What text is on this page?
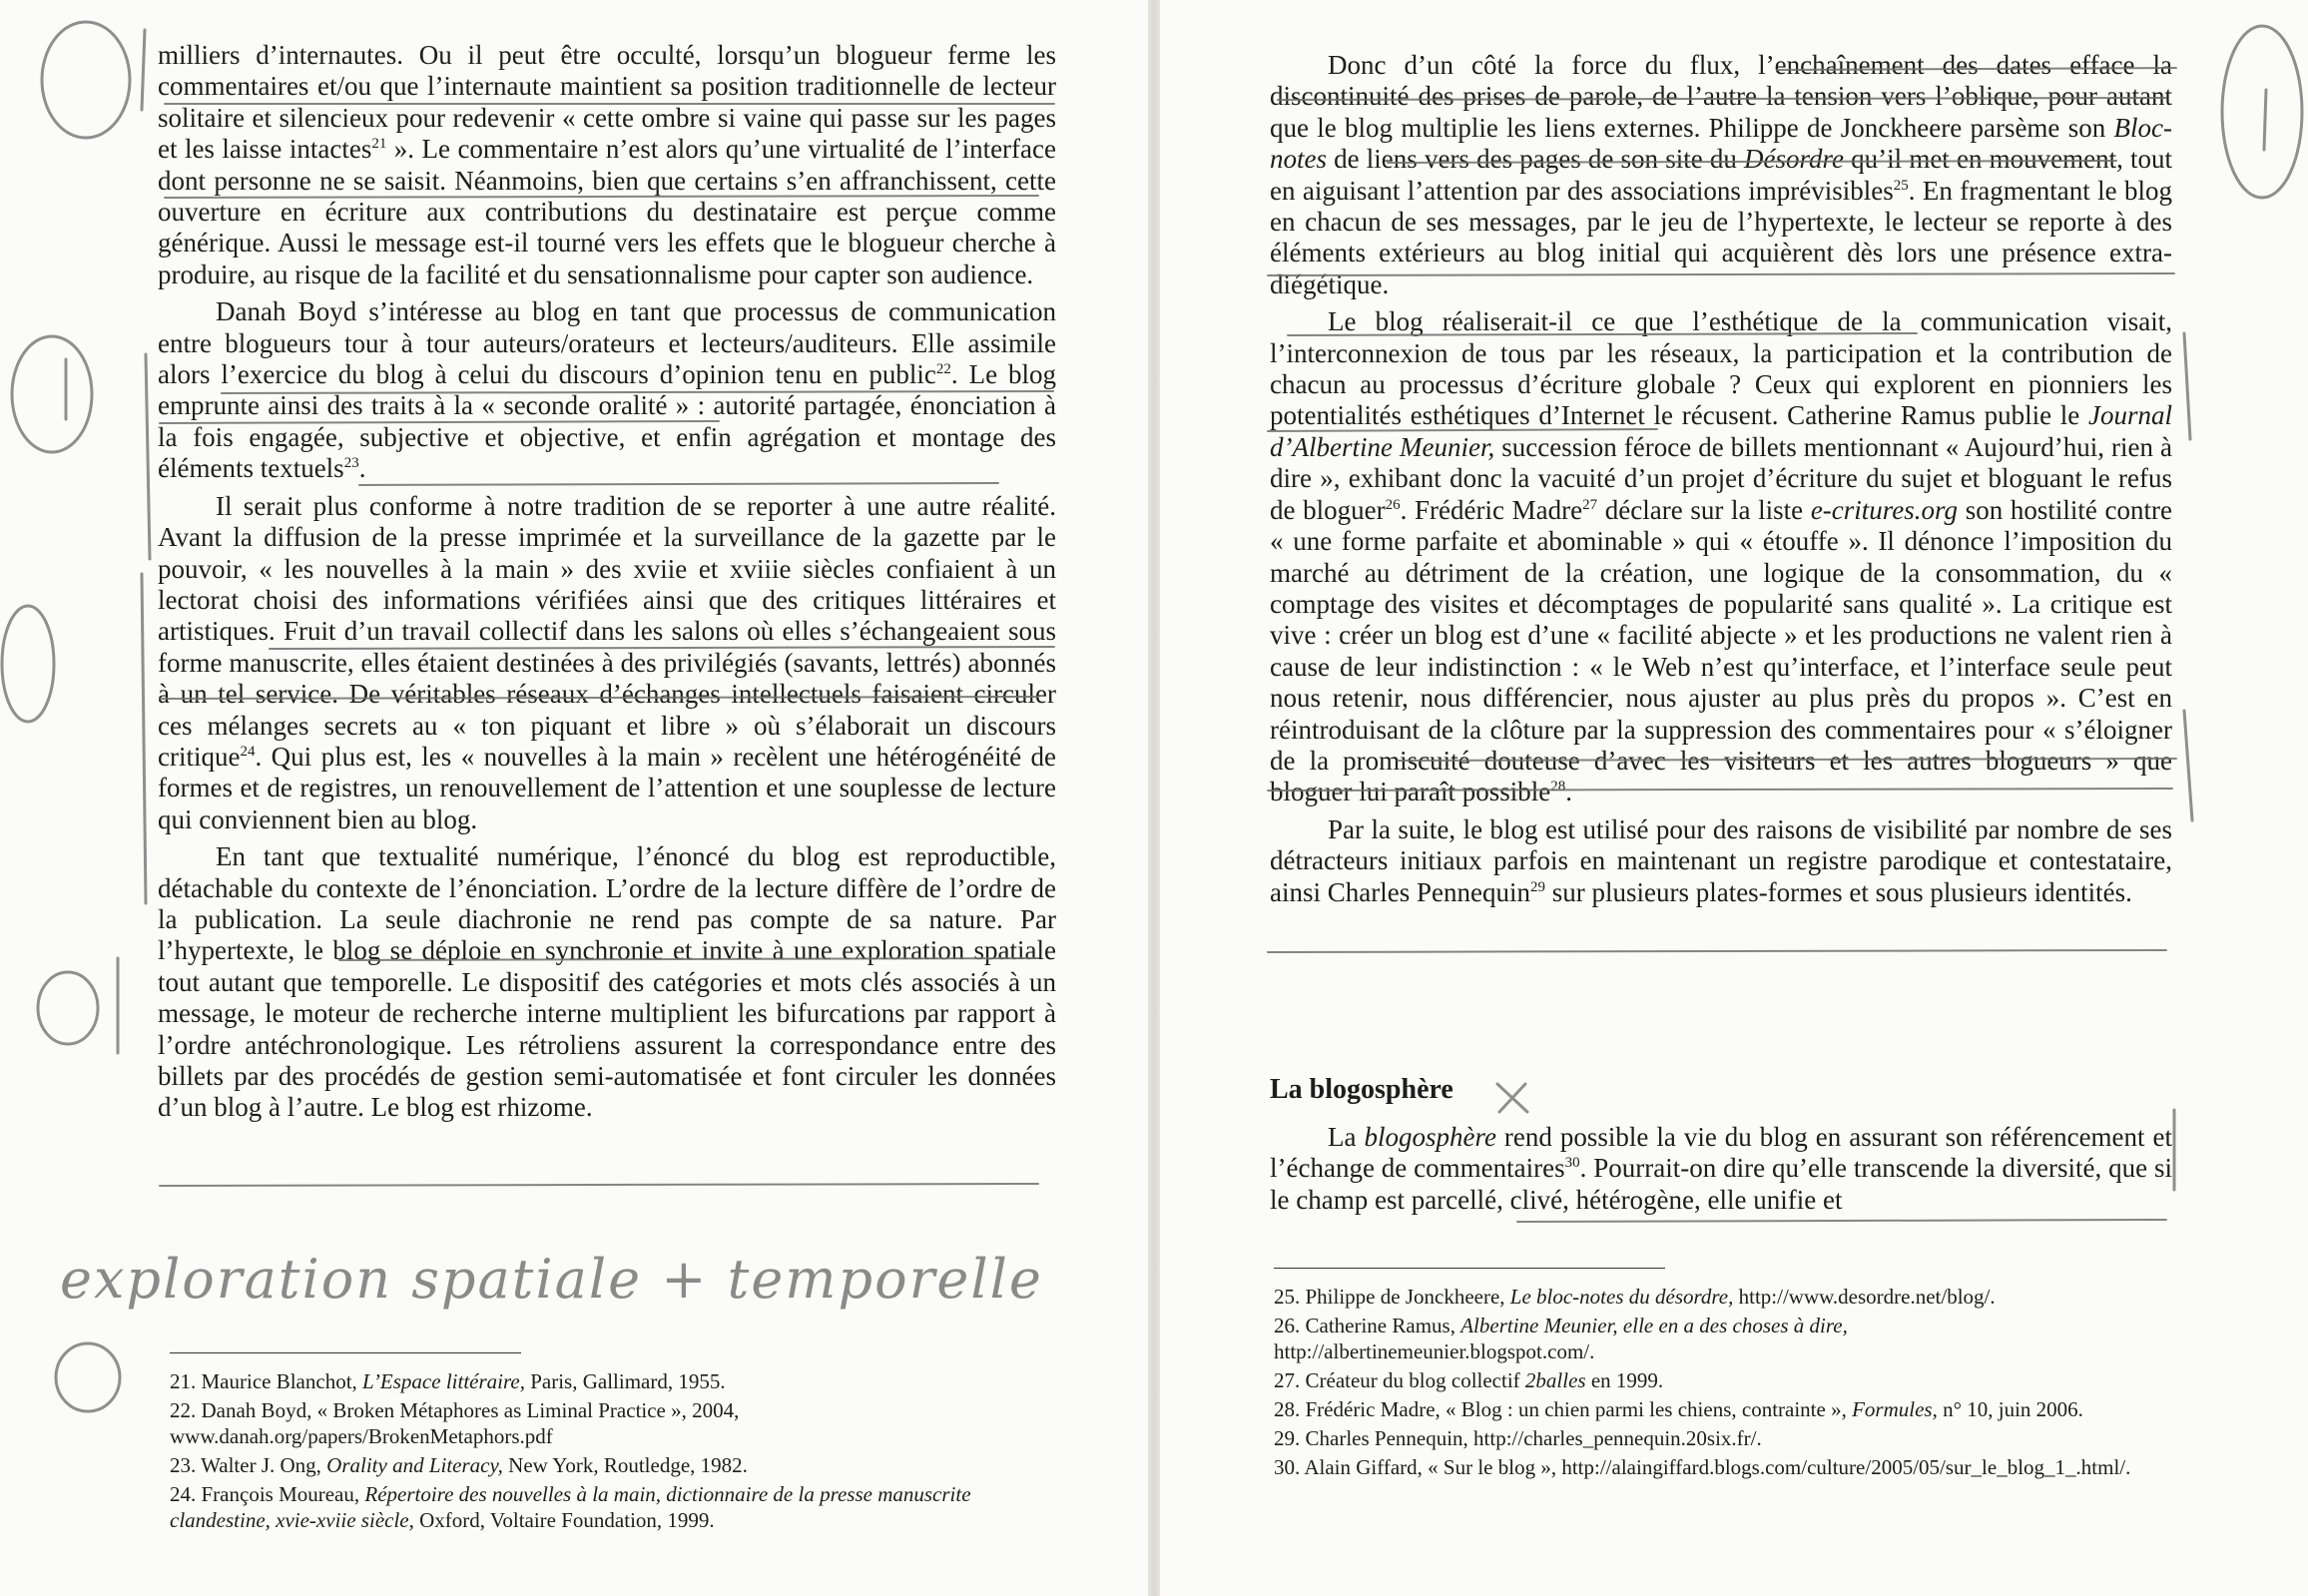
milliers d’internautes. Ou il peut être occulté, lorsqu’un blogueur ferme les commentaires et/ou que l’internaute maintient sa position traditionnelle de lecteur solitaire et silencieux pour redevenir « cette ombre si vaine qui passe sur les pages et les laisse intactes$^{21}$ ». Le commentaire n’est alors qu’une virtualité de l’interface dont personne ne se saisit. Néanmoins, bien que certains s’en affranchissent, cette ouverture en écriture aux contributions du destinataire est perçue comme générique. Aussi le message est-il tourné vers les effets que le blogueur cherche à produire, au risque de la facilité et du sensationnalisme pour capter son audience.

Danah Boyd s’intéresse au blog en tant que processus de communication entre blogueurs tour à tour auteurs/orateurs et lecteurs/auditeurs. Elle assimile alors l’exercice du blog à celui du discours d’opinion tenu en public$^{22}$. Le blog emprunte ainsi des traits à la « seconde oralité » : autorité partagée, énonciation à la fois engagée, subjective et objective, et enfin agrégation et montage des éléments textuels$^{23}$.

Il serait plus conforme à notre tradition de se reporter à une autre réalité. Avant la diffusion de la presse imprimée et la surveillance de la gazette par le pouvoir, « les nouvelles à la main » des xviie et xviiie siècles confiaient à un lectorat choisi des informations vérifiées ainsi que des critiques littéraires et artistiques. Fruit d’un travail collectif dans les salons où elles s’échangeaient sous forme manuscrite, elles étaient destinées à des privilégiés (savants, lettrés) abonnés à un tel service. De véritables réseaux d’échanges intellectuels faisaient circuler ces mélanges secrets au « ton piquant et libre » où s’élaborait un discours critique$^{24}$. Qui plus est, les « nouvelles à la main » recèlent une hétérogénéité de formes et de registres, un renouvellement de l’attention et une souplesse de lecture qui conviennent bien au blog.

En tant que textualité numérique, l’énoncé du blog est reproductible, détachable du contexte de l’énonciation. L’ordre de la lecture diffère de l’ordre de la publication. La seule diachronie ne rend pas compte de sa nature. Par l’hypertexte, le blog se déploie en synchronie et invite à une exploration spatiale tout autant que temporelle. Le dispositif des catégories et mots clés associés à un message, le moteur de recherche interne multiplient les bifurcations par rapport à l’ordre antéchronologique. Les rétroliens assurent la correspondance entre des billets par des procédés de gestion semi-automatisée et font circuler les données d’un blog à l’autre. Le blog est rhizome.

Donc d’un côté la force du flux, l’enchaînement des dates efface la discontinuité des prises de parole, de l’autre la tension vers l’oblique, pour autant que le blog multiplie les liens externes. Philippe de Jonckheere parsème son Bloc-notes de liens vers des pages de son site du Désordre qu’il met en mouvement, tout en aiguisant l’attention par des associations imprévisibles$^{25}$. En fragmentant le blog en chacun de ses messages, par le jeu de l’hypertexte, le lecteur se reporte à des éléments extérieurs au blog initial qui acquièrent dès lors une présence extra-diégétique.

Le blog réaliserait-il ce que l’esthétique de la communication visait, l’interconnexion de tous par les réseaux, la participation et la contribution de chacun au processus d’écriture globale ? Ceux qui explorent en pionniers les potentialités esthétiques d’Internet le récusent. Catherine Ramus publie le Journal d’Albertine Meunier, succession féroce de billets mentionnant « Aujourd’hui, rien à dire », exhibant donc la vacuité d’un projet d’écriture du sujet et bloguant le refus de bloguer$^{26}$. Frédéric Madre$^{27}$ déclare sur la liste e-critures.org son hostilité contre « une forme parfaite et abominable » qui « étouffe ». Il dénonce l’imposition du marché au détriment de la création, une logique de la consommation, du « comptage des visites et décomptages de popularité sans qualité ». La critique est vive : créer un blog est d’une « facilité abjecte » et les productions ne valent rien à cause de leur indistinction : « le Web n’est qu’interface, et l’interface seule peut nous retenir, nous différencier, nous ajuster au plus près du propos ». C’est en réintroduisant de la clôture par la suppression des commentaires pour « s’éloigner de la promiscuité douteuse d’avec les visiteurs et les autres blogueurs » que bloguer lui paraît possible$^{28}$.

Par la suite, le blog est utilisé pour des raisons de visibilité par nombre de ses détracteurs initiaux parfois en maintenant un registre parodique et contestataire, ainsi Charles Pennequin$^{29}$ sur plusieurs plates-formes et sous plusieurs identités.

La blogosphère

La blogosphère rend possible la vie du blog en assurant son référencement et l’échange de commentaires$^{30}$. Pourrait-on dire qu’elle transcende la diversité, que si le champ est parcellé, clivé, hétérogène, elle unifie et

21. Maurice Blanchot, L’Espace littéraire, Paris, Gallimard, 1955.
22. Danah Boyd, « Broken Métaphores as Liminal Practice », 2004, www.danah.org/papers/BrokenMetaphors.pdf
23. Walter J. Ong, Orality and Literacy, New York, Routledge, 1982.
24. François Moureau, Répertoire des nouvelles à la main, dictionnaire de la presse manuscrite clandestine, xvie-xviie siècle, Oxford, Voltaire Foundation, 1999.
25. Philippe de Jonckheere, Le bloc-notes du désordre, http://www.desordre.net/blog/.
26. Catherine Ramus, Albertine Meunier, elle en a des choses à dire, http://albertinemeunier.blogspot.com/.
27. Créateur du blog collectif 2balles en 1999.
28. Frédéric Madre, « Blog : un chien parmi les chiens, contrainte », Formules, n° 10, juin 2006.
29. Charles Pennequin, http://charles_pennequin.20six.fr/.
30. Alain Giffard, « Sur le blog », http://alaingiffard.blogs.com/culture/2005/05/sur_le_blog_1_.html/.
exploration spatiale + temporelle
